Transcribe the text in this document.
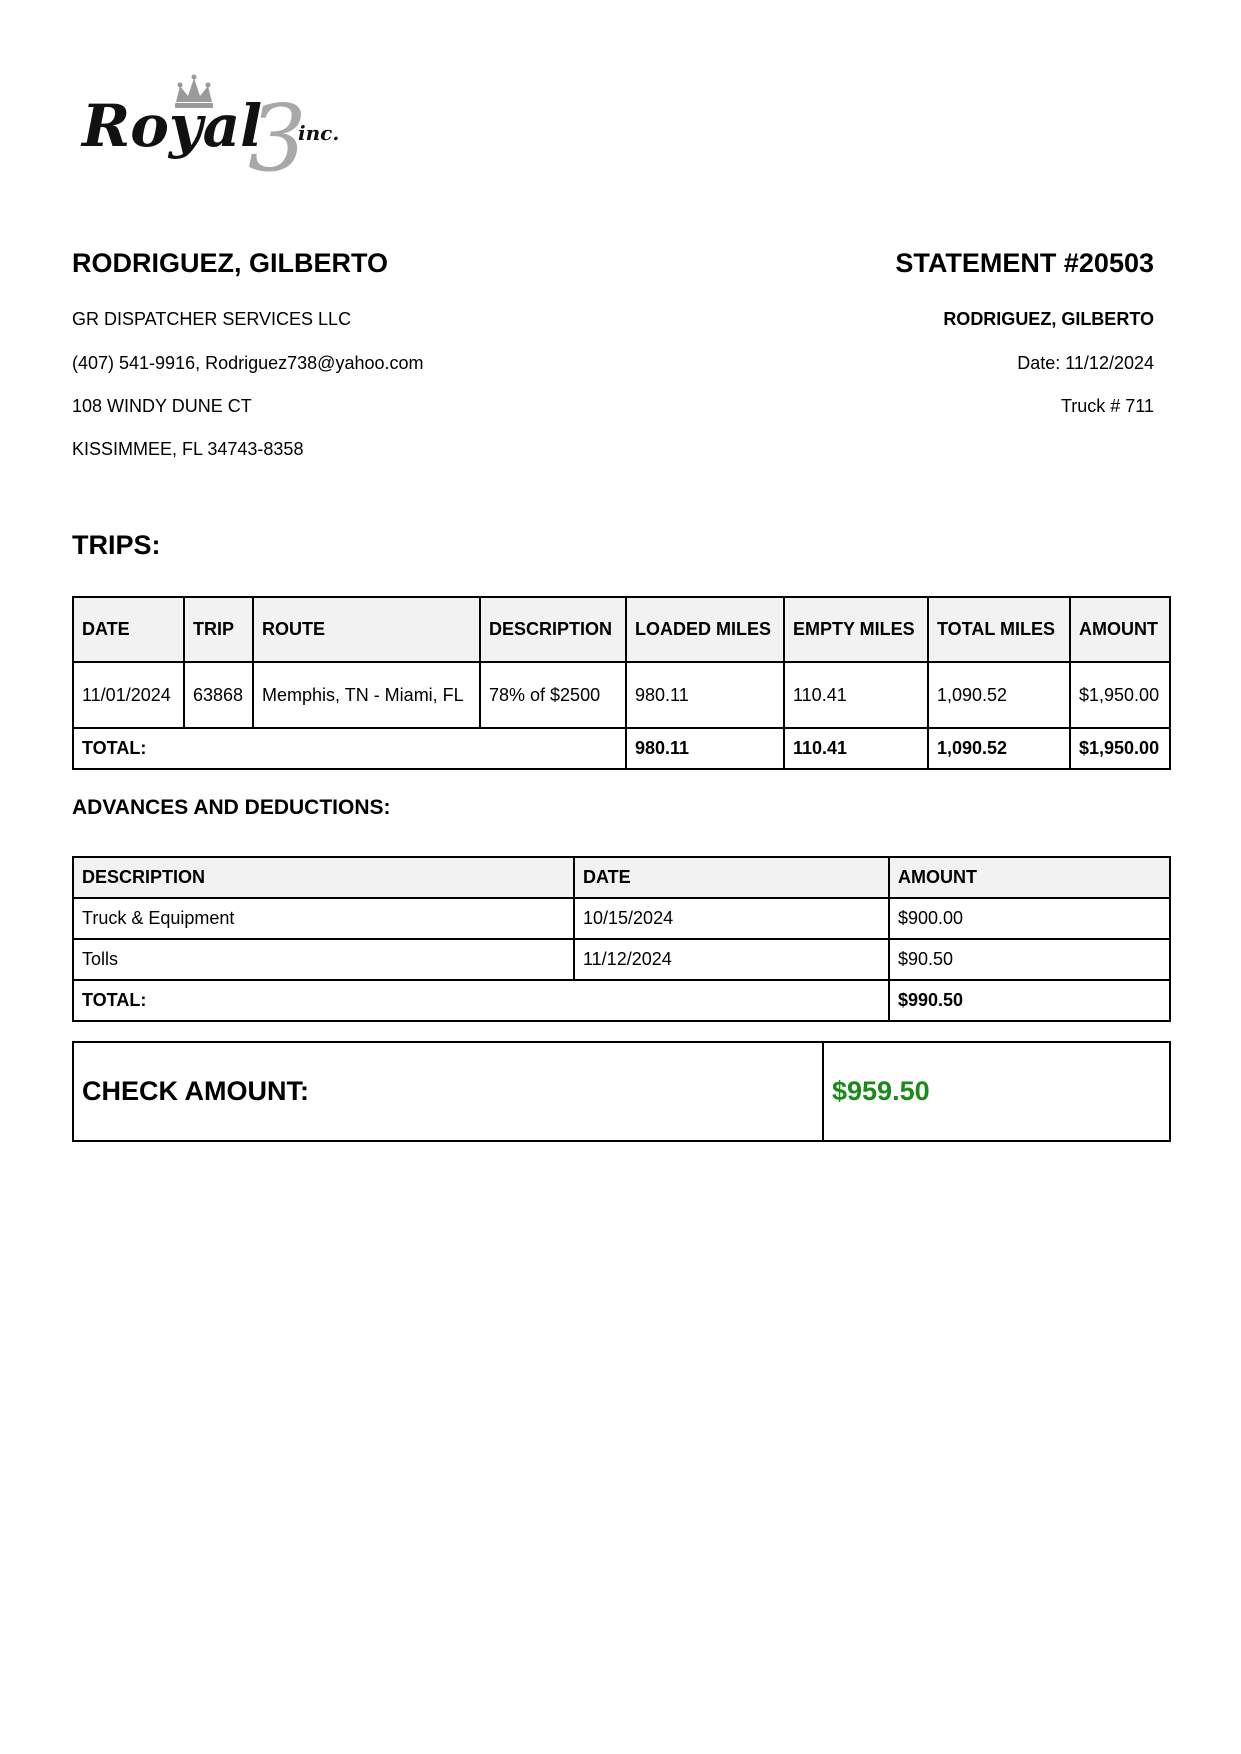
3
Royal inc.
RODRIGUEZ, GILBERTO	STATEMENT #20503
GR DISPATCHER SERVICES LLC
(407) 541-9916, Rodriguez738@yahoo.com
108 WINDY DUNE CT
KISSIMMEE, FL 34743-8358
RODRIGUEZ, GILBERTO
Date: 11/12/2024
Truck # 711
TRIPS:
DATE	TRIP	ROUTE	DESCRIPTION	LOADED MILES	EMPTY MILES	TOTAL MILES	AMOUNT
11/01/2024	63868	Memphis, TN - Miami, FL	78% of $2500	980.11	110.41	1,090.52	$1,950.00
TOTAL:				980.11	110.41	1,090.52	$1,950.00
ADVANCES AND DEDUCTIONS:
DESCRIPTION	DATE	AMOUNT
Truck & Equipment	10/15/2024	$900.00
Tolls	11/12/2024	$90.50
TOTAL:		$990.50
CHECK AMOUNT:	$959.50
